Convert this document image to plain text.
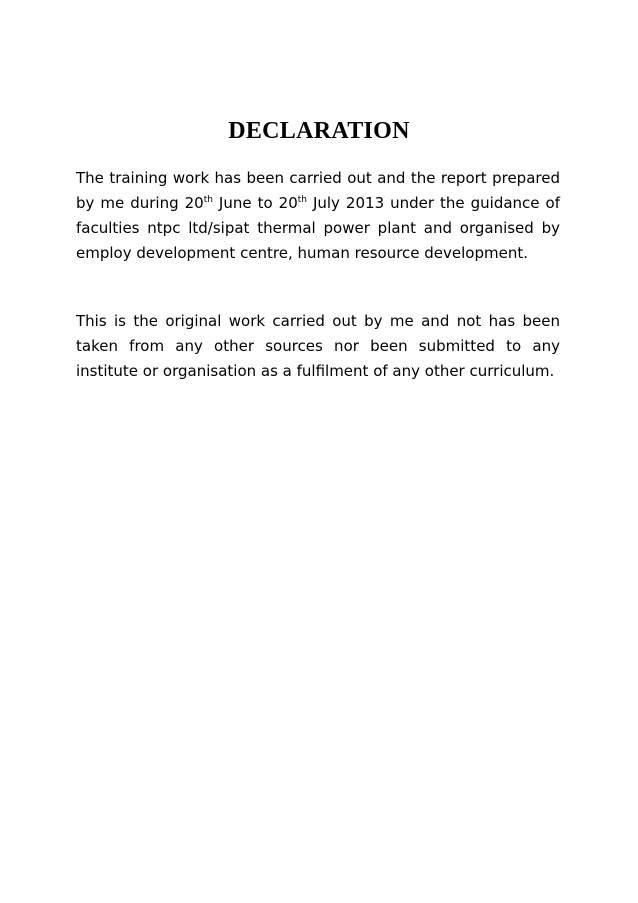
DECLARATION

The training work has been carried out and the report prepared by me during 20th June to 20th July 2013 under the guidance of faculties ntpc ltd/sipat thermal power plant and organised by employ development centre, human resource development.

This is the original work carried out by me and not has been taken from any other sources nor been submitted to any institute or organisation as a fulfilment of any other curriculum.
